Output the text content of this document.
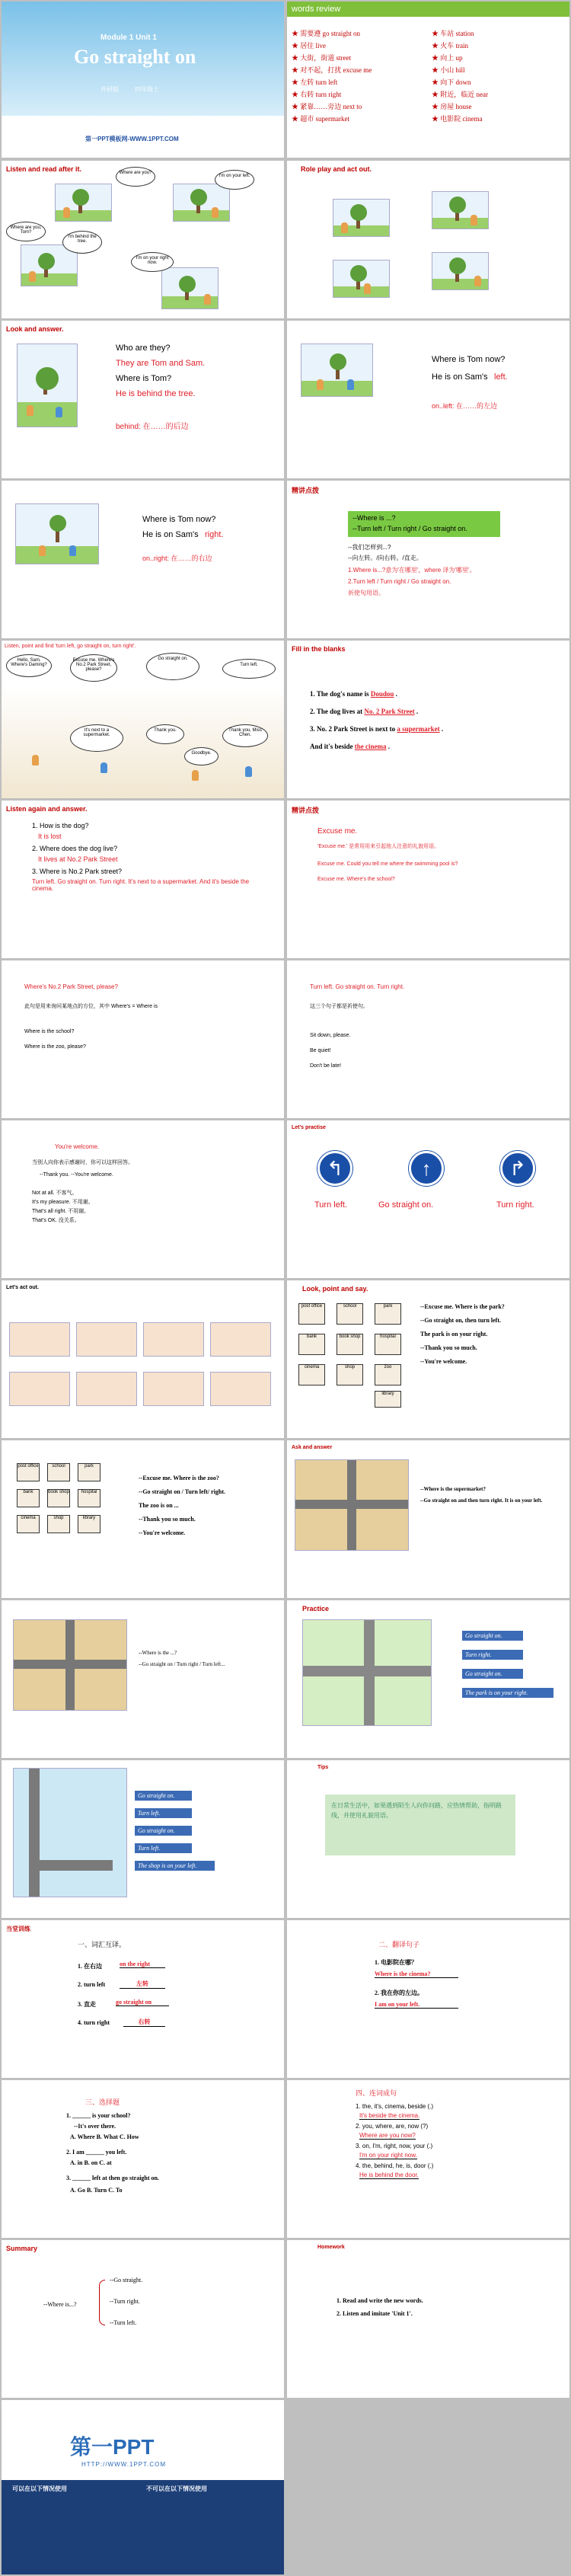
Module 1 Unit 1
Go straight on
外研版	四年级上
第一PPT模板网-WWW.1PPT.COM
words review
★ 需要遵 go straight on
★ 居住 live
★ 大街，街道 street
★ 对不起，打扰 excuse me
★ 左转 turn left
★ 右转 turn right
★ 紧靠……旁边 next to
★ 超市 supermarket
★ 车站 station
★ 火车 train
★ 向上 up
★ 小山 hill
★ 向下 down
★ 附近，临近 near
★ 房屋 house
★ 电影院 cinema
Listen and read after it.	Where are you?
I'm on your left.
Where are you, Tom?
I'm behind the tree.
I'm on your right now.
Role play and act out.
Look and answer.
Who are they?
They are Tom and Sam.
Where is Tom?
He is behind the tree.
behind: 在……的后边
Where is Tom now?
He is on Sam's left.
on..left: 在……的左边
Where is Tom now?
He is on Sam's right.
on..right: 在……的右边
精讲点拨
--Where is ...?
--Turn left / Turn right / Go straight on.
--我们怎样到...?
--向左转。/向右转。/直走。
1.Where is...?意为'在哪里'，where 译为'哪里'。
2.Turn left / Turn right / Go straight on.
祈使句用语。
Listen, point and find 'turn left, go straight on, turn right'.
Hello, Sam. Where's Daming?
Excuse me. Where's No.2 Park Street, please?
Go straight on.
Turn left.
It's next to a supermarket.
Thank you.
Goodbye.
Thank you, Miss Chen.
Fill in the blanks
1. The dog's name is Doudou .
2. The dog lives at No. 2 Park Street .
3. No. 2 Park Street is next to a supermarket .
And it's beside the cinema .
Listen again and answer.
1. How is the dog?
It is lost
2. Where does the dog live?
It lives at No.2 Park Street
3. Where is No.2 Park street?
Turn left. Go straight on. Turn right. It's next to a supermarket. And it's beside the cinema.
精讲点拨
Excuse me.
'Excuse me.' 是常用用来引起他人注意的礼貌用语。
Excuse me. Could you tell me where the swimming pool is?
Excuse me. Where's the school?
Where's No.2 Park Street, please?
此句是用来询问某地点的方位，其中 Where's = Where is
Where is the school?
Where is the zoo, please?
Turn left. Go straight on. Turn right.
这三个句子都是祈使句。
Sit down, please.
Be quiet!
Don't be late!
You're welcome.
当别人向你表示感谢时，你可以这样回答。
--Thank you. --You're welcome.
Not at all. 不客气。
It's my pleasure. 不用谢。
That's all right. 不用谢。
That's OK. 没关系。
Let's practise
↰	↑	↱
Turn left.	Go straight on.	Turn right.
Let's act out.	Look, point and say.
post office	school	park
bank	book shop	hospital
cinema	shop	zoo
library
--Excuse me. Where is the park?
--Go straight on, then turn left.
The park is on your right.
--Thank you so much.
--You're welcome.
post office	school	park
bank	book shop	hospital
cinema	shop	library
--Excuse me. Where is the zoo?
--Go straight on / Turn left/ right.
The zoo is on ...
--Thank you so much.
--You're welcome.
Ask and answer
--Where is the supermarket?
--Go straight on and then turn right. It is on your left.
--Where is the ...?
--Go straight on / Turn right / Turn left...
Practice
Go straight on.
Turn right.
Go straight on.
The park is on your right.
Go straight on.
Turn left.
Go straight on.
Turn left.
The shop is on your left.
Tips
在日常生活中，如果遇到陌生人向你问路，应热情帮助，指明路线，并使用礼貌用语。
当堂训练
一、词汇互译。
1. 在右边	on the right
2. turn left	左转
3. 直走	go straight on
4. turn right	右转
二、翻译句子
1. 电影院在哪？
Where is the cinema?
2. 我在你的左边。
I am on your left.
三、选择题
1. ______ is your school?
--It's over there.
A. Where B. What C. How
2. I am ______ you left.
A. in B. on C. at
3. ______ left at then go straight on.
A. Go B. Turn C. To
四、连词成句
1. the, it's, cinema, beside (.)
It's beside the cinema.
2. you, where, are, now (?)
Where are you now?
3. on, I'm, right, now, your (.)
I'm on your right now.
4. the, behind, he, is, door (.)
He is behind the door.
Summary
--Where is...?
--Go straight.
--Turn right.
--Turn left.
Homework
1. Read and write the new words.
2. Listen and imitate 'Unit 1'.
第一PPT
HTTP://WWW.1PPT.COM
可以在以下情况使用	不可以在以下情况使用
